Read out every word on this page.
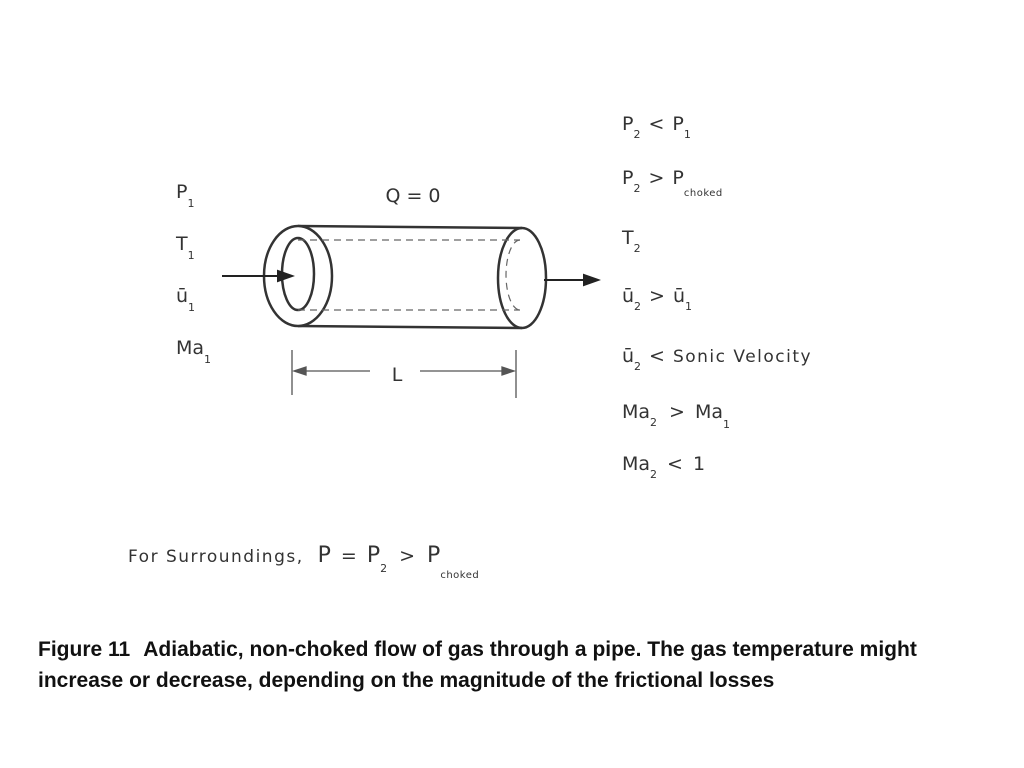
L
Q = 0
$P_1$
$T_1$
$ū_1$
$Ma_1$
$P_2 < P_1$
$P_2 > P_{choked}$
$T_2$
$ū_2$ > $ū_1$
$ū_2$ < Sonic Velocity
$Ma_2 > Ma_1$
$Ma_2 < 1$
For Surroundings, $P = P_2> P_{choked}$
Figure 11 Adiabatic, non-choked flow of gas through a pipe. The gas temperature might increase or decrease, depending on the magnitude of the frictional losses
